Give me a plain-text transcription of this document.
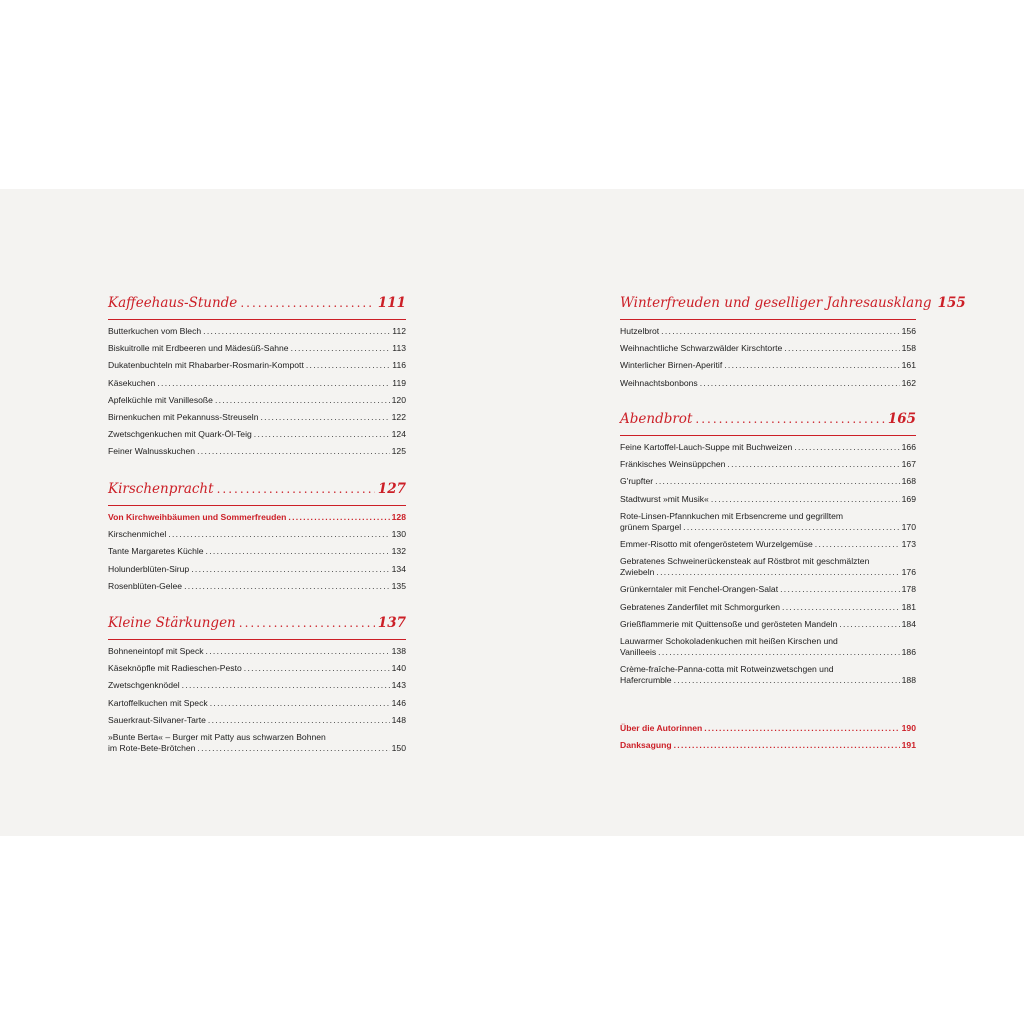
Kaffeehaus-Stunde .....	111
Butterkuchen vom Blech .....	112
Biskuitrolle mit Erdbeeren und Mädesüß-Sahne .....	113
Dukatenbuchteln mit Rhabarber-Rosmarin-Kompott .....	116
Käsekuchen .....	119
Apfelküchle mit Vanillesoße .....	120
Birnenkuchen mit Pekannuss-Streuseln .....	122
Zwetschgenkuchen mit Quark-Öl-Teig .....	124
Feiner Walnusskuchen .....	125
Kirschenpracht .....	127
Von Kirchweihbäumen und Sommerfreuden .....	128
Kirschenmichel .....	130
Tante Margaretes Küchle .....	132
Holunderblüten-Sirup .....	134
Rosenblüten-Gelee .....	135
Kleine Stärkungen .....	137
Bohneneintopf mit Speck .....	138
Käseknöpfle mit Radieschen-Pesto .....	140
Zwetschgenknödel .....	143
Kartoffelkuchen mit Speck .....	146
Sauerkraut-Silvaner-Tarte .....	148
»Bunte Berta« – Burger mit Patty aus schwarzen Bohnen
im Rote-Bete-Brötchen .....	150
Winterfreuden und geselliger Jahresausklang 155
Hutzelbrot .....	156
Weihnachtliche Schwarzwälder Kirschtorte .....	158
Winterlicher Birnen-Aperitif .....	161
Weihnachtsbonbons .....	162
Abendbrot .....	165
Feine Kartoffel-Lauch-Suppe mit Buchweizen .....	166
Fränkisches Weinsüppchen .....	167
G'rupfter .....	168
Stadtwurst »mit Musik« .....	169
Rote-Linsen-Pfannkuchen mit Erbsencreme und gegrilltem
grünem Spargel .....	170
Emmer-Risotto mit ofengeröstetem Wurzelgemüse .....	173
Gebratenes Schweinerückensteak auf Röstbrot mit geschmälzten
Zwiebeln .....	176
Grünkerntaler mit Fenchel-Orangen-Salat .....	178
Gebratenes Zanderfilet mit Schmorgurken .....	181
Grießflammerie mit Quittensoße und gerösteten Mandeln .....	184
Lauwarmer Schokoladenkuchen mit heißen Kirschen und
Vanilleeis .....	186
Crème-fraîche-Panna-cotta mit Rotweinzwetschgen und
Hafercrumble .....	188
Über die Autorinnen .....	190
Danksagung .....	191
